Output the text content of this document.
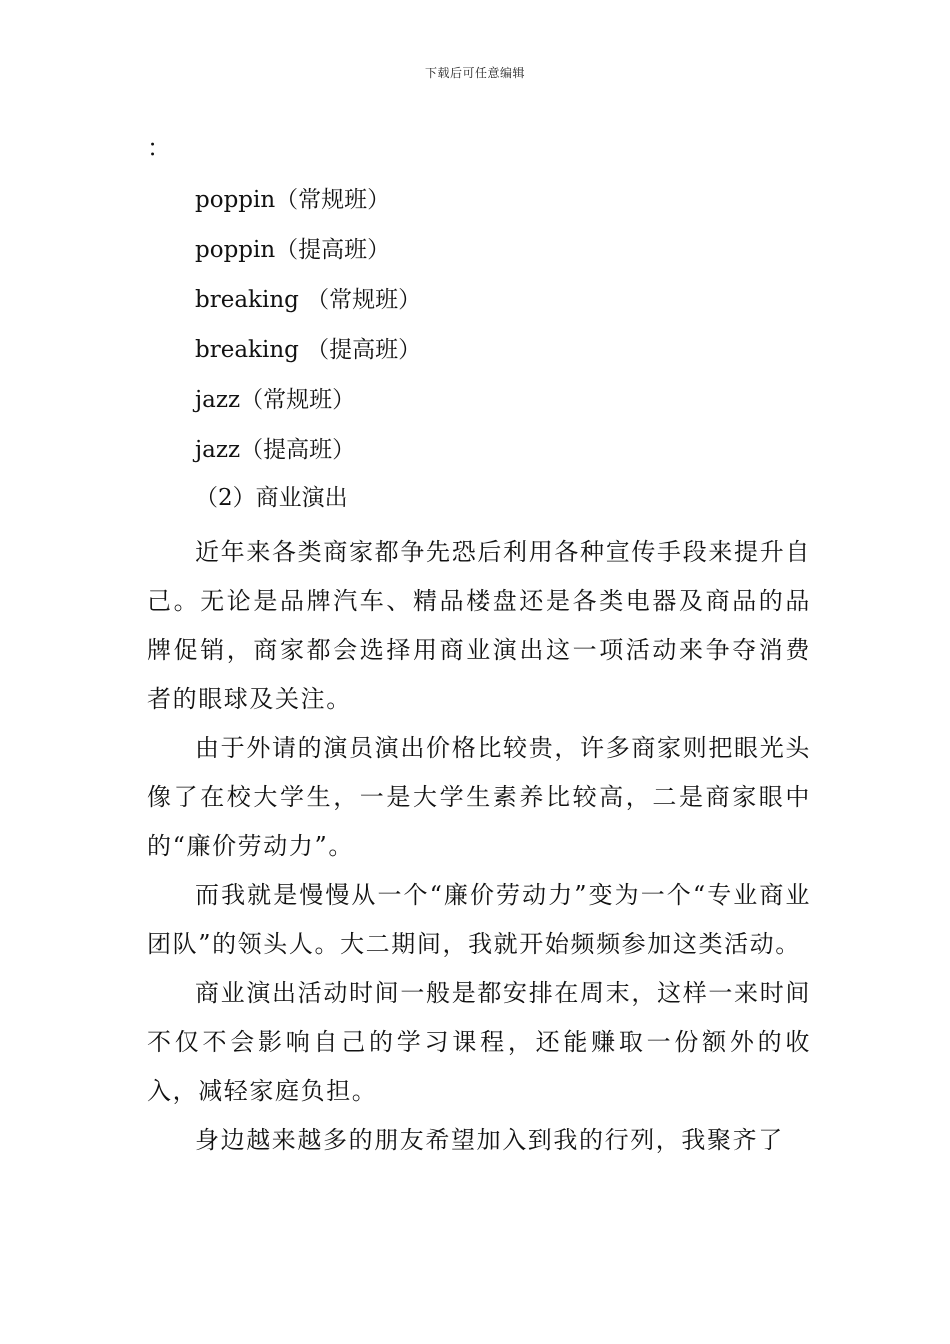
下载后可任意编辑
：
poppin（常规班）
poppin（提高班）
breaking （常规班）
breaking （提高班）
jazz（常规班）
jazz（提高班）
（2）商业演出

近年来各类商家都争先恐后利用各种宣传手段来提升自己。无论是品牌汽车、精品楼盘还是各类电器及商品的品牌促销，商家都会选择用商业演出这一项活动来争夺消费者的眼球及关注。

由于外请的演员演出价格比较贵，许多商家则把眼光头像了在校大学生，一是大学生素养比较高，二是商家眼中的“廉价劳动力”。

而我就是慢慢从一个“廉价劳动力”变为一个“专业商业团队”的领头人。大二期间，我就开始频频参加这类活动。

商业演出活动时间一般是都安排在周末，这样一来时间不仅不会影响自己的学习课程，还能赚取一份额外的收入，减轻家庭负担。

身边越来越多的朋友希望加入到我的行列，我聚齐了
